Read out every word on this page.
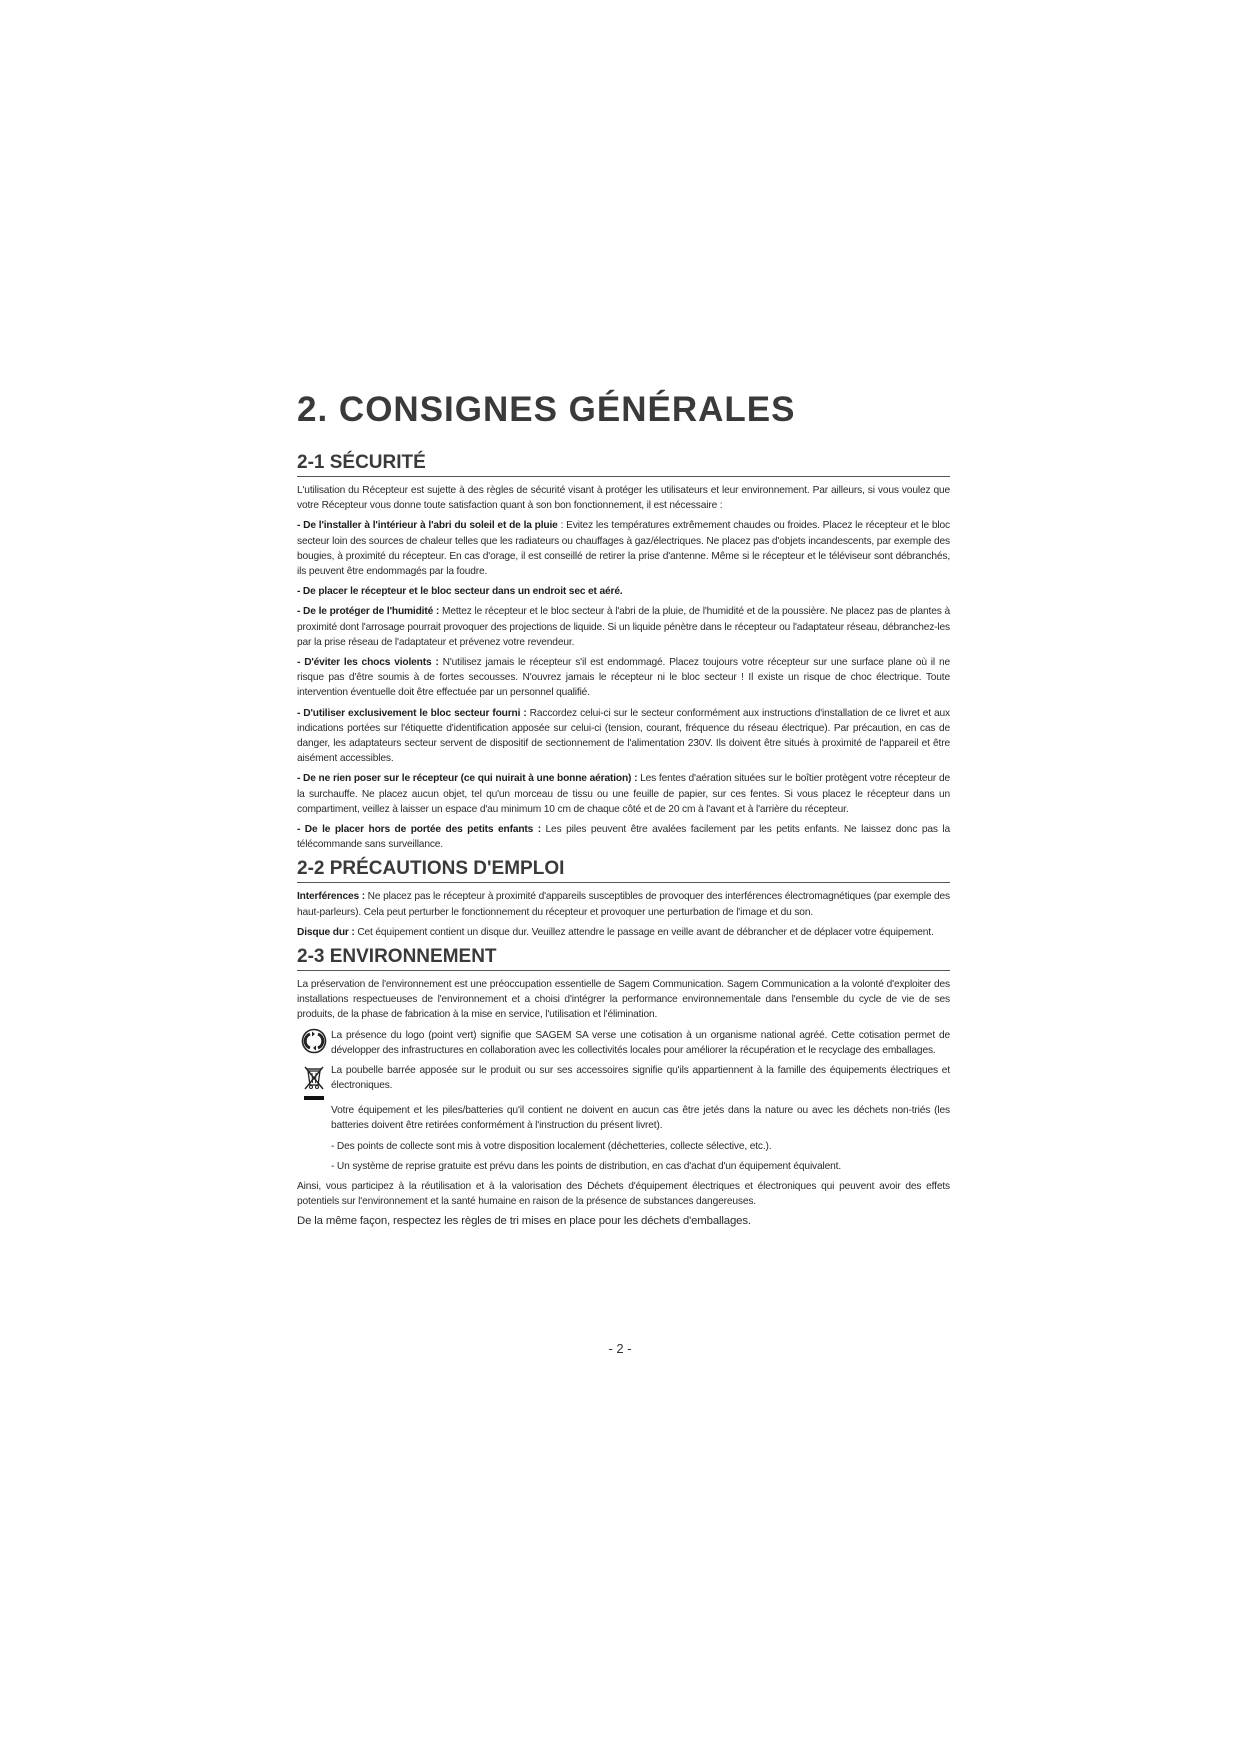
2. CONSIGNES GÉNÉRALES
2-1 SÉCURITÉ

L'utilisation du Récepteur est sujette à des règles de sécurité visant à protéger les utilisateurs et leur environnement. Par ailleurs, si vous voulez que votre Récepteur vous donne toute satisfaction quant à son bon fonctionnement, il est nécessaire :

- De l'installer à l'intérieur à l'abri du soleil et de la pluie : Evitez les températures extrêmement chaudes ou froides. Placez le récepteur et le bloc secteur loin des sources de chaleur telles que les radiateurs ou chauffages à gaz/électriques. Ne placez pas d'objets incandescents, par exemple des bougies, à proximité du récepteur. En cas d'orage, il est conseillé de retirer la prise d'antenne. Même si le récepteur et le téléviseur sont débranchés, ils peuvent être endommagés par la foudre.

- De placer le récepteur et le bloc secteur dans un endroit sec et aéré.

- De le protéger de l'humidité : Mettez le récepteur et le bloc secteur à l'abri de la pluie, de l'humidité et de la poussière. Ne placez pas de plantes à proximité dont l'arrosage pourrait provoquer des projections de liquide. Si un liquide pénètre dans le récepteur ou l'adaptateur réseau, débranchez-les par la prise réseau de l'adaptateur et prévenez votre revendeur.

- D'éviter les chocs violents : N'utilisez jamais le récepteur s'il est endommagé. Placez toujours votre récepteur sur une surface plane où il ne risque pas d'être soumis à de fortes secousses. N'ouvrez jamais le récepteur ni le bloc secteur ! Il existe un risque de choc électrique. Toute intervention éventuelle doit être effectuée par un personnel qualifié.

- D'utiliser exclusivement le bloc secteur fourni : Raccordez celui-ci sur le secteur conformément aux instructions d'installation de ce livret et aux indications portées sur l'étiquette d'identification apposée sur celui-ci (tension, courant, fréquence du réseau électrique). Par précaution, en cas de danger, les adaptateurs secteur servent de dispositif de sectionnement de l'alimentation 230V. Ils doivent être situés à proximité de l'appareil et être aisément accessibles.

- De ne rien poser sur le récepteur (ce qui nuirait à une bonne aération) : Les fentes d'aération situées sur le boîtier protègent votre récepteur de la surchauffe. Ne placez aucun objet, tel qu'un morceau de tissu ou une feuille de papier, sur ces fentes. Si vous placez le récepteur dans un compartiment, veillez à laisser un espace d'au minimum 10 cm de chaque côté et de 20 cm à l'avant et à l'arrière du récepteur.

- De le placer hors de portée des petits enfants : Les piles peuvent être avalées facilement par les petits enfants. Ne laissez donc pas la télécommande sans surveillance.

2-2 PRÉCAUTIONS D'EMPLOI

Interférences : Ne placez pas le récepteur à proximité d'appareils susceptibles de provoquer des interférences électromagnétiques (par exemple des haut-parleurs). Cela peut perturber le fonctionnement du récepteur et provoquer une perturbation de l'image et du son.

Disque dur : Cet équipement contient un disque dur. Veuillez attendre le passage en veille avant de débrancher et de déplacer votre équipement.

2-3 ENVIRONNEMENT

La préservation de l'environnement est une préoccupation essentielle de Sagem Communication. Sagem Communication a la volonté d'exploiter des installations respectueuses de l'environnement et a choisi d'intégrer la performance environnementale dans l'ensemble du cycle de vie de ses produits, de la phase de fabrication à la mise en service, l'utilisation et l'élimination.

La présence du logo (point vert) signifie que SAGEM SA verse une cotisation à un organisme national agréé. Cette cotisation permet de développer des infrastructures en collaboration avec les collectivités locales pour améliorer la récupération et le recyclage des emballages.

La poubelle barrée apposée sur le produit ou sur ses accessoires signifie qu'ils appartiennent à la famille des équipements électriques et électroniques.

Votre équipement et les piles/batteries qu'il contient ne doivent en aucun cas être jetés dans la nature ou avec les déchets non-triés (les batteries doivent être retirées conformément à l'instruction du présent livret).

- Des points de collecte sont mis à votre disposition localement (déchetteries, collecte sélective, etc.).

- Un système de reprise gratuite est prévu dans les points de distribution, en cas d'achat d'un équipement équivalent.

Ainsi, vous participez à la réutilisation et à la valorisation des Déchets d'équipement électriques et électroniques qui peuvent avoir des effets potentiels sur l'environnement et la santé humaine en raison de la présence de substances dangereuses.

De la même façon, respectez les règles de tri mises en place pour les déchets d'emballages.

- 2 -
